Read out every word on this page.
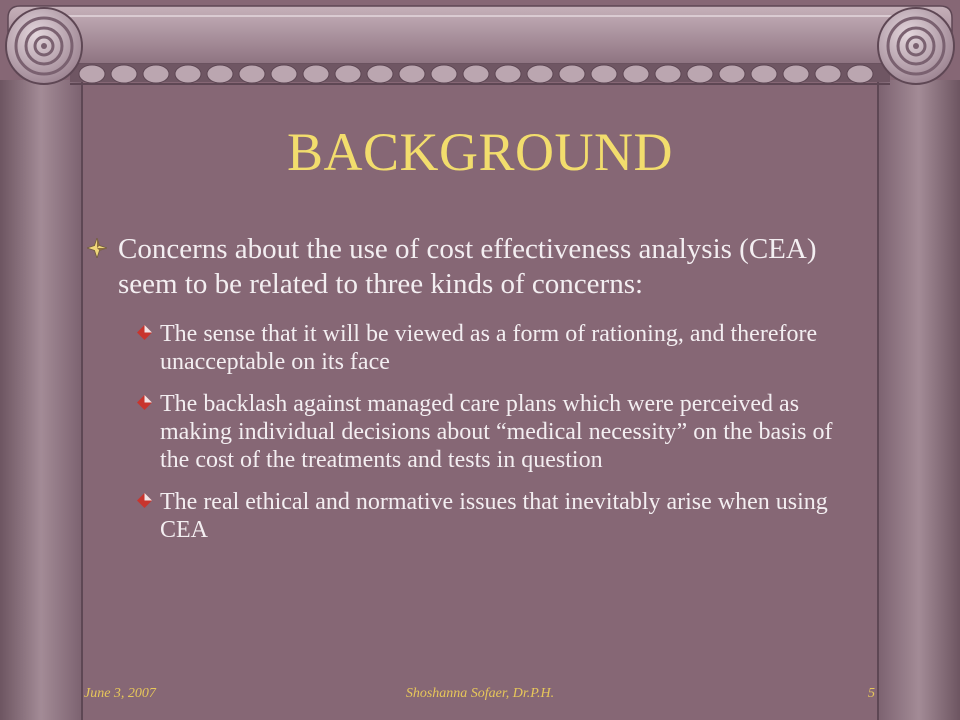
BACKGROUND
Concerns about the use of cost effectiveness analysis (CEA) seem to be related to three kinds of concerns:
The sense that it will be viewed as a form of rationing, and therefore unacceptable on its face
The backlash against managed care plans which were perceived as making individual decisions about “medical necessity” on the basis of the cost of the treatments and tests in question
The real ethical and normative issues that inevitably arise when using CEA
June 3, 2007	Shoshanna Sofaer, Dr.P.H.	5
